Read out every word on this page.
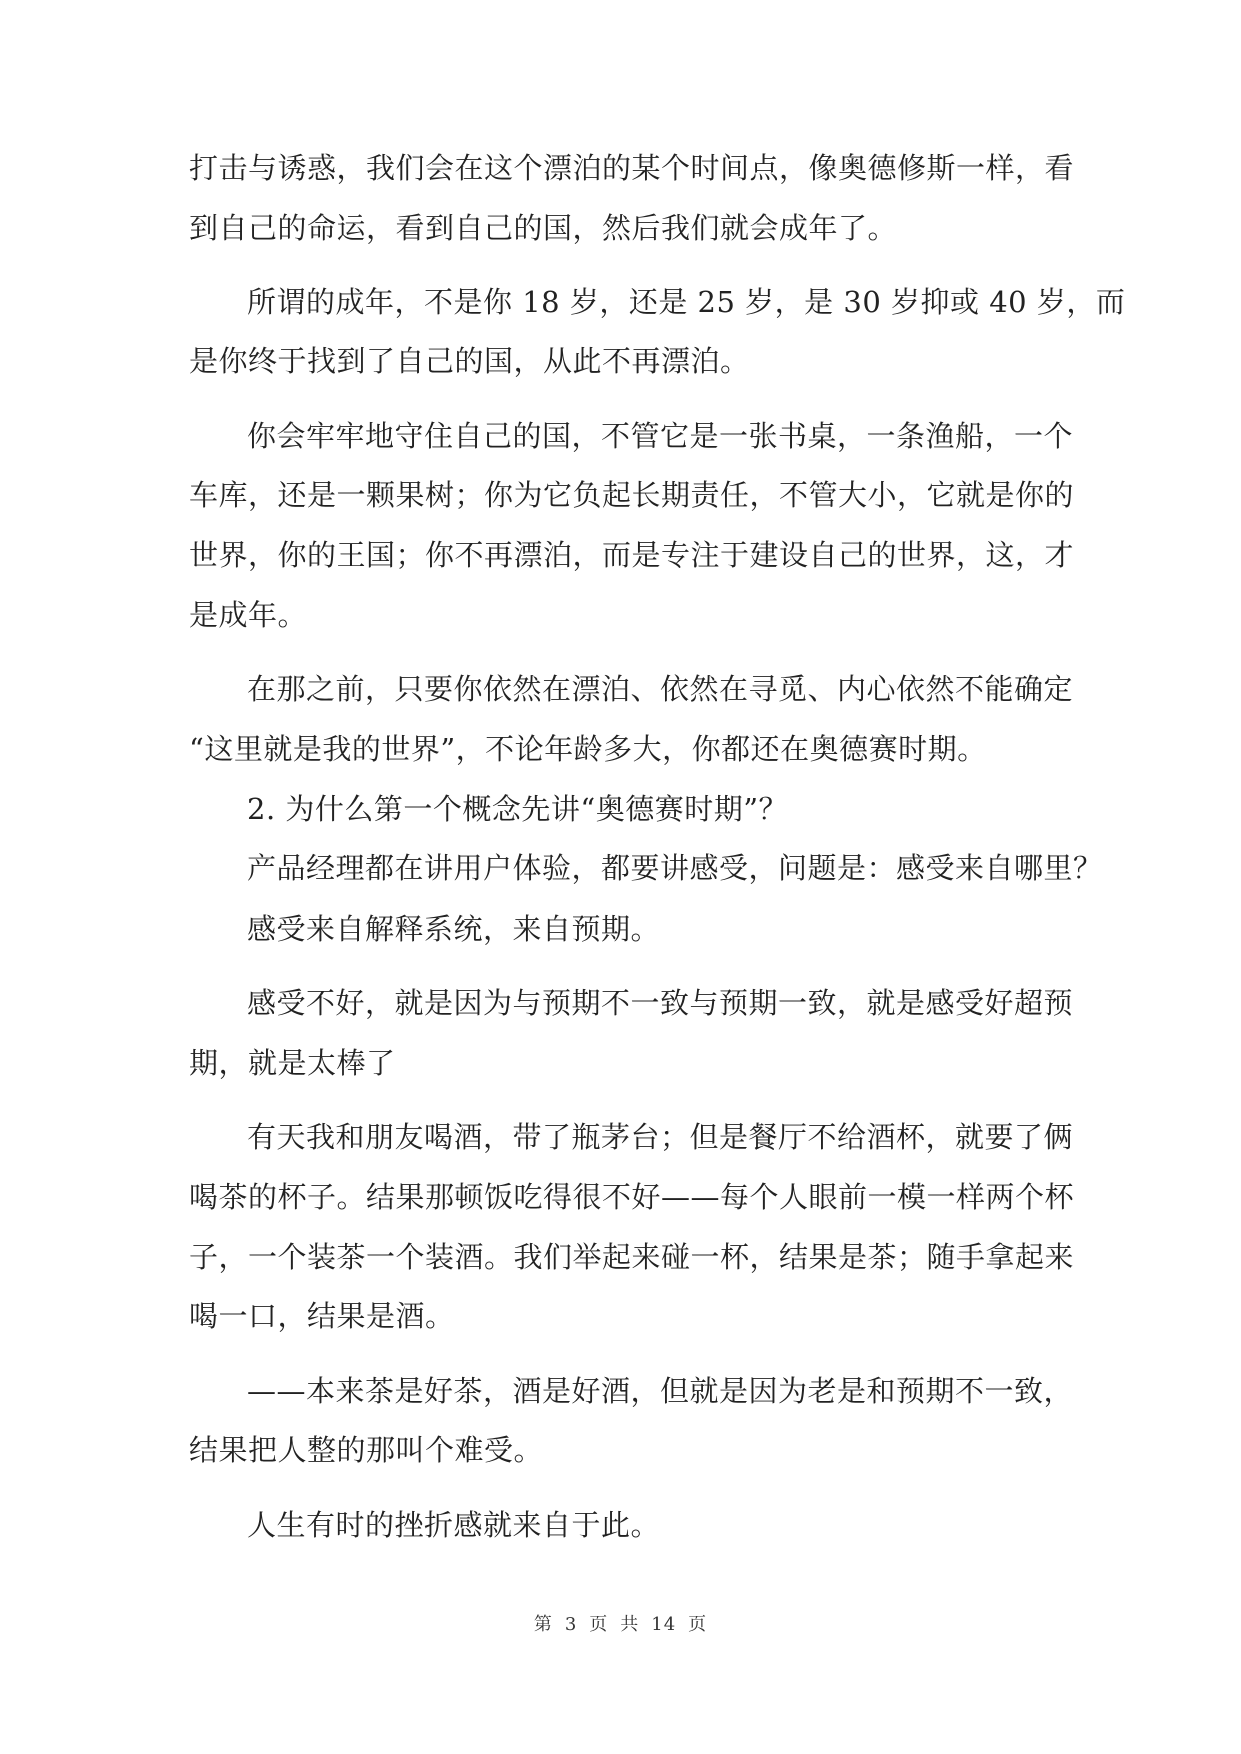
打击与诱惑，我们会在这个漂泊的某个时间点，像奥德修斯一样，看
到自己的命运，看到自己的国，然后我们就会成年了。
所谓的成年，不是你 18 岁，还是 25 岁，是 30 岁抑或 40 岁，而
是你终于找到了自己的国，从此不再漂泊。
你会牢牢地守住自己的国，不管它是一张书桌，一条渔船，一个
车库，还是一颗果树；你为它负起长期责任，不管大小，它就是你的
世界，你的王国；你不再漂泊，而是专注于建设自己的世界，这，才
是成年。
在那之前，只要你依然在漂泊、依然在寻觅、内心依然不能确定
“这里就是我的世界”，不论年龄多大，你都还在奥德赛时期。
2. 为什么第一个概念先讲“奥德赛时期”？
产品经理都在讲用户体验，都要讲感受，问题是：感受来自哪里？
感受来自解释系统，来自预期。
感受不好，就是因为与预期不一致与预期一致，就是感受好超预
期，就是太棒了
有天我和朋友喝酒，带了瓶茅台；但是餐厅不给酒杯，就要了俩
喝茶的杯子。结果那顿饭吃得很不好——每个人眼前一模一样两个杯
子，一个装茶一个装酒。我们举起来碰一杯，结果是茶；随手拿起来
喝一口，结果是酒。
——本来茶是好茶，酒是好酒，但就是因为老是和预期不一致，
结果把人整的那叫个难受。
人生有时的挫折感就来自于此。
第 3 页 共 14 页
